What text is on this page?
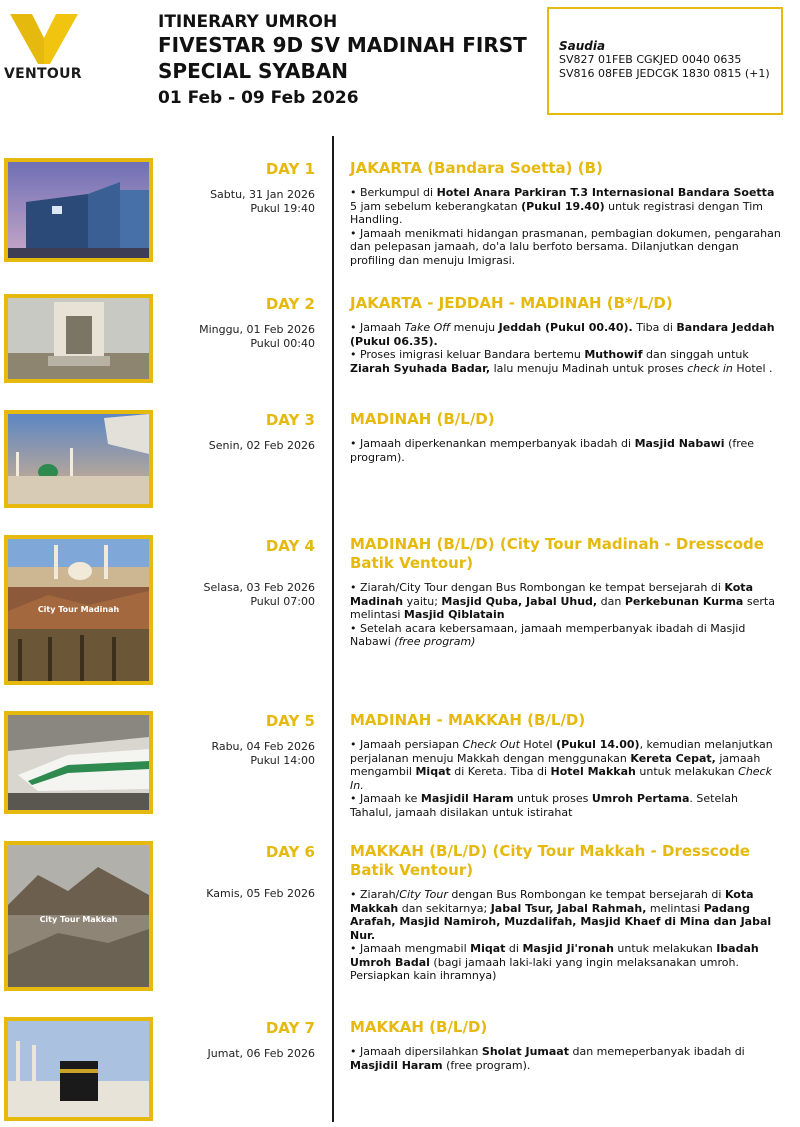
VENTOUR
ITINERARY UMROH
FIVESTAR 9D SV MADINAH FIRST
SPECIAL SYABAN
01 Feb - 09 Feb 2026
Saudia
SV827 01FEB CGKJED 0040 0635
SV816 08FEB JEDCGK 1830 0815 (+1)
City Tour Madinah
City Tour Makkah
DAY 1
Sabtu, 31 Jan 2026
Pukul 19:40
DAY 2
Minggu, 01 Feb 2026
Pukul 00:40
DAY 3
Senin, 02 Feb 2026
DAY 4
Selasa, 03 Feb 2026
Pukul 07:00
DAY 5
Rabu, 04 Feb 2026
Pukul 14:00
DAY 6
Kamis, 05 Feb 2026
DAY 7
Jumat, 06 Feb 2026
JAKARTA (Bandara Soetta) (B)
• Berkumpul di Hotel Anara Parkiran T.3 Internasional Bandara Soetta 5 jam sebelum keberangkatan (Pukul 19.40) untuk registrasi dengan Tim Handling.
• Jamaah menikmati hidangan prasmanan, pembagian dokumen, pengarahan dan pelepasan jamaah, do'a lalu berfoto bersama. Dilanjutkan dengan profiling dan menuju Imigrasi.
JAKARTA - JEDDAH - MADINAH (B*/L/D)
• Jamaah Take Off menuju Jeddah (Pukul 00.40). Tiba di Bandara Jeddah (Pukul 06.35).
• Proses imigrasi keluar Bandara bertemu Muthowif dan singgah untuk Ziarah Syuhada Badar, lalu menuju Madinah untuk proses check in Hotel .
MADINAH (B/L/D)
• Jamaah diperkenankan memperbanyak ibadah di Masjid Nabawi (free program).
MADINAH (B/L/D) (City Tour Madinah - Dresscode Batik Ventour)
• Ziarah/City Tour dengan Bus Rombongan ke tempat bersejarah di Kota Madinah yaitu; Masjid Quba, Jabal Uhud, dan Perkebunan Kurma serta melintasi Masjid Qiblatain
• Setelah acara kebersamaan, jamaah memperbanyak ibadah di Masjid Nabawi (free program)
MADINAH - MAKKAH (B/L/D)
• Jamaah persiapan Check Out Hotel (Pukul 14.00), kemudian melanjutkan perjalanan menuju Makkah dengan menggunakan Kereta Cepat, jamaah mengambil Miqat di Kereta. Tiba di Hotel Makkah untuk melakukan Check In.
• Jamaah ke Masjidil Haram untuk proses Umroh Pertama. Setelah Tahalul, jamaah disilakan untuk istirahat
MAKKAH (B/L/D) (City Tour Makkah - Dresscode Batik Ventour)
• Ziarah/City Tour dengan Bus Rombongan ke tempat bersejarah di Kota Makkah dan sekitarnya; Jabal Tsur, Jabal Rahmah, melintasi Padang Arafah, Masjid Namiroh, Muzdalifah, Masjid Khaef di Mina dan Jabal Nur.
• Jamaah mengmabil Miqat di Masjid Ji'ronah untuk melakukan Ibadah Umroh Badal (bagi jamaah laki-laki yang ingin melaksanakan umroh. Persiapkan kain ihramnya)
MAKKAH (B/L/D)
• Jamaah dipersilahkan Sholat Jumaat dan memeperbanyak ibadah di Masjidil Haram (free program).
